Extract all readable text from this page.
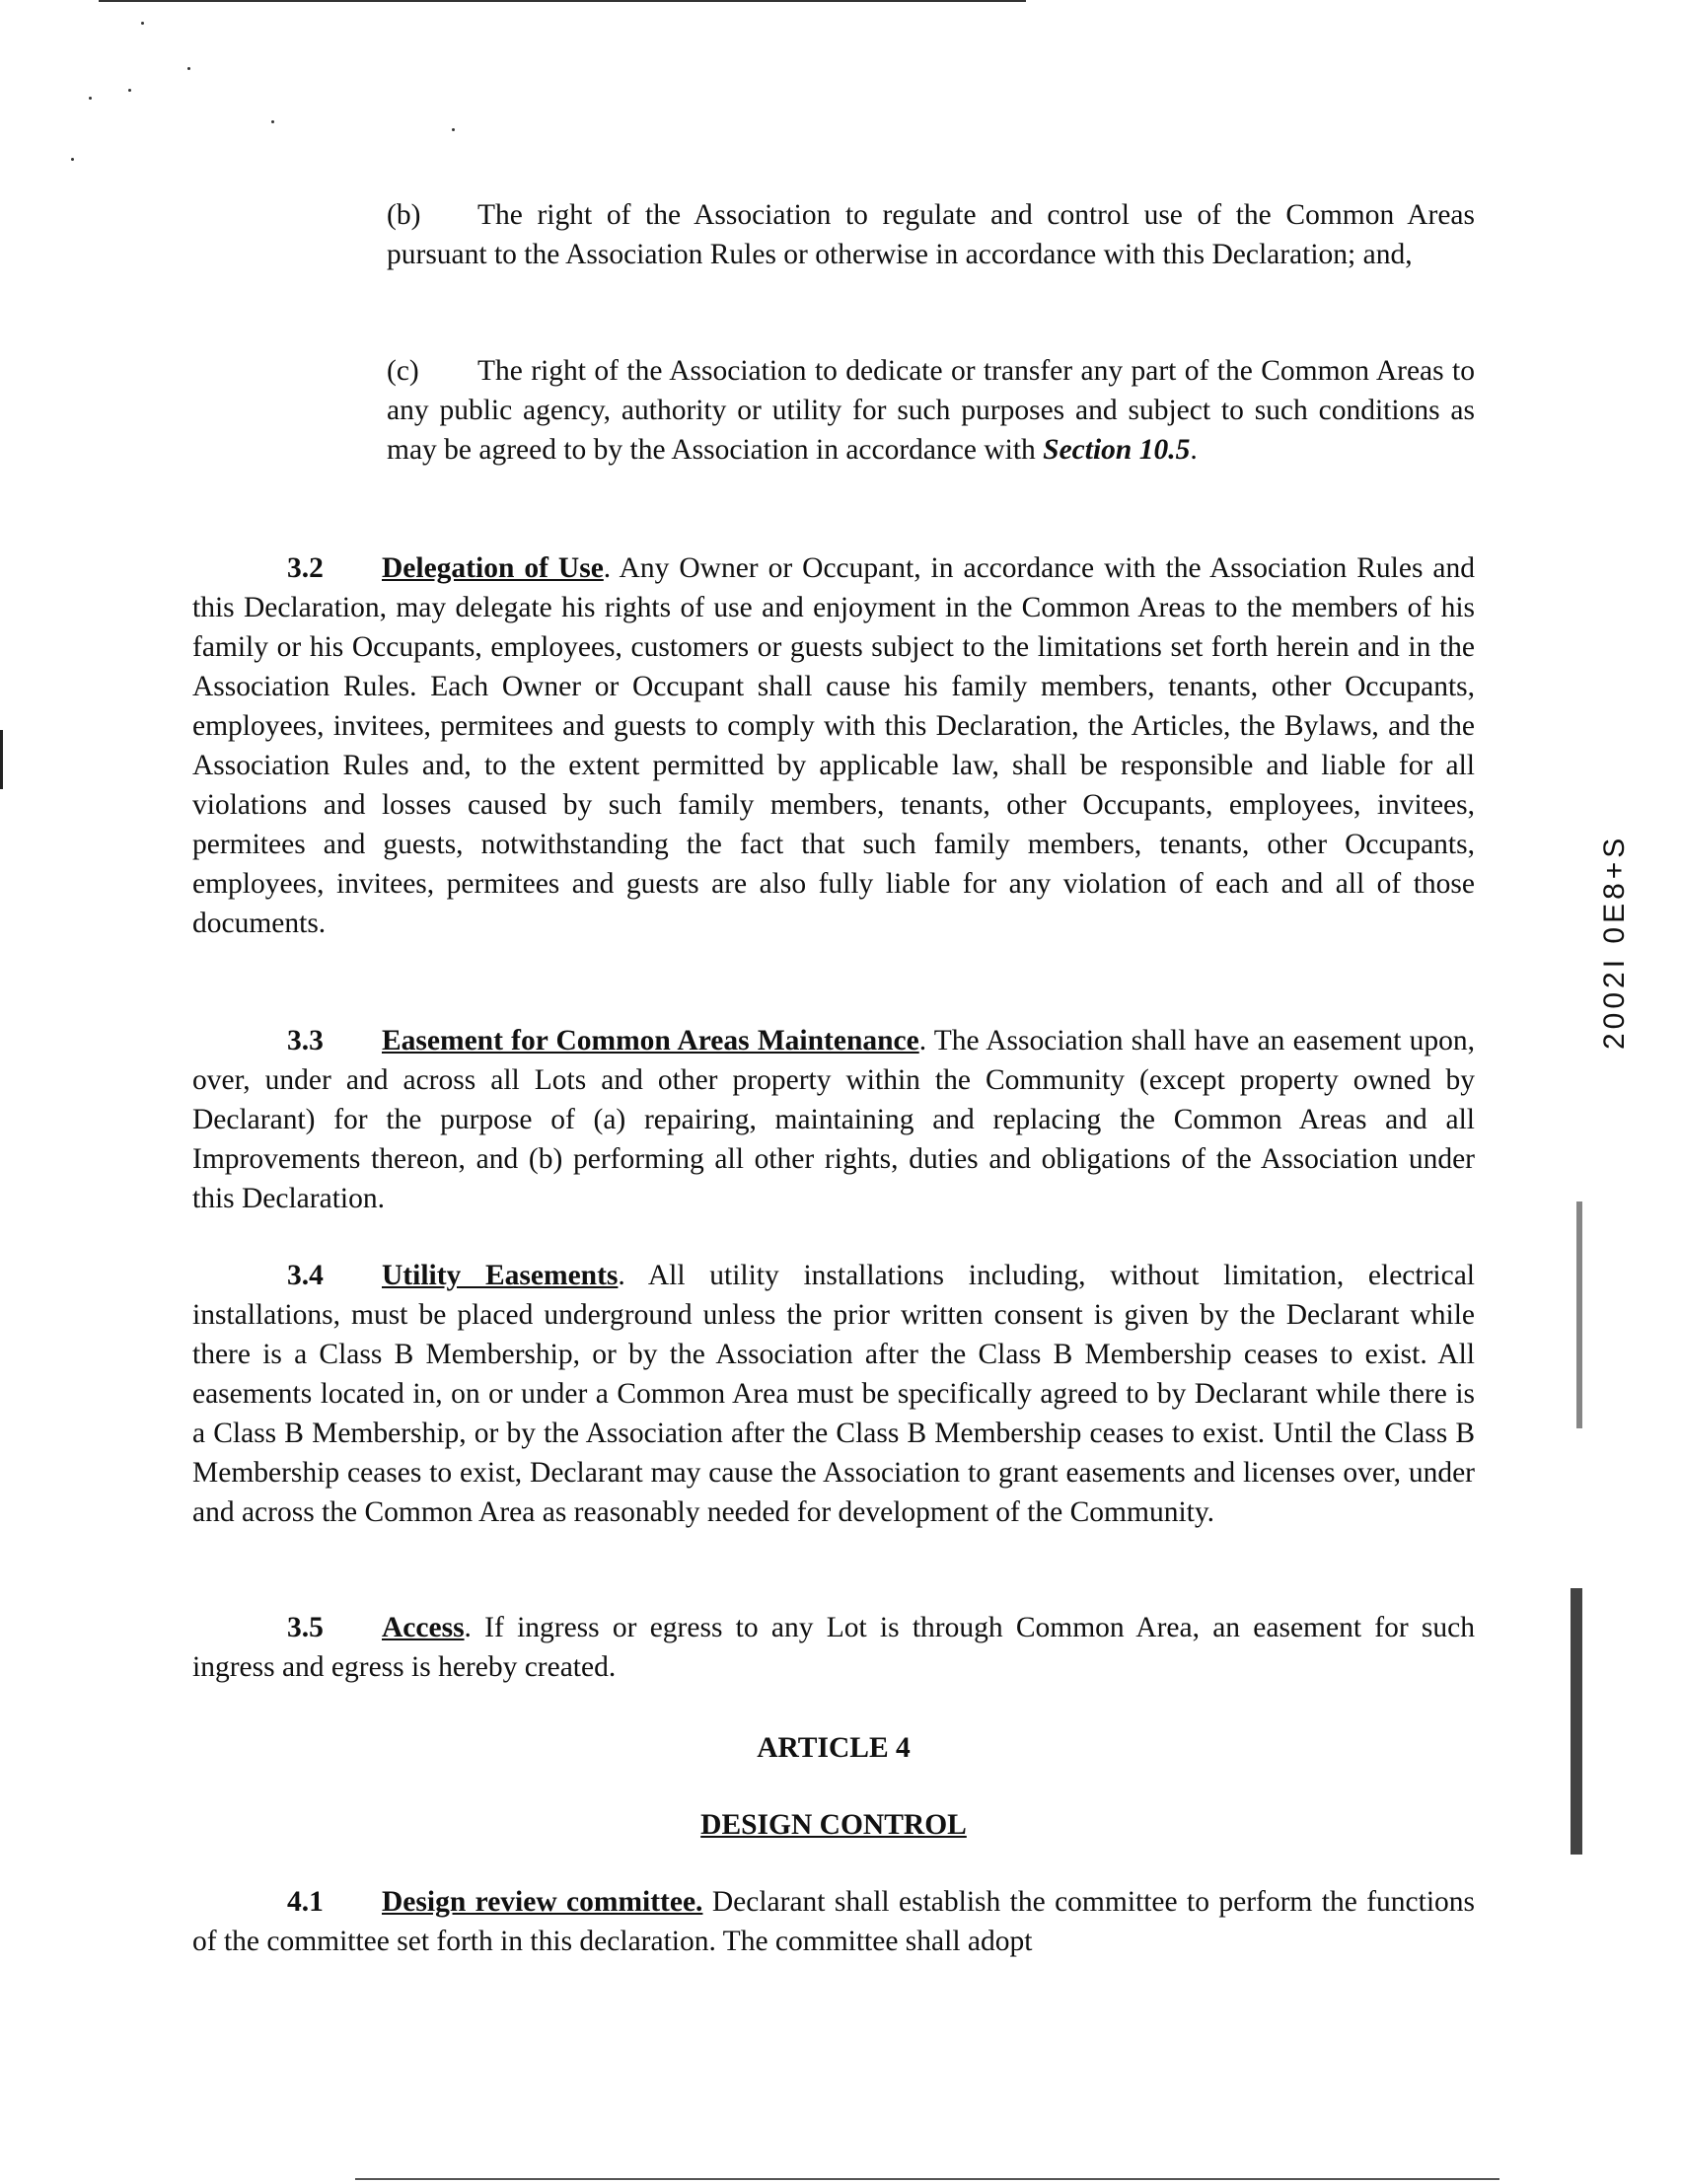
(b) The right of the Association to regulate and control use of the Common Areas pursuant to the Association Rules or otherwise in accordance with this Declaration; and,
(c) The right of the Association to dedicate or transfer any part of the Common Areas to any public agency, authority or utility for such purposes and subject to such conditions as may be agreed to by the Association in accordance with Section 10.5.
3.2 Delegation of Use. Any Owner or Occupant, in accordance with the Association Rules and this Declaration, may delegate his rights of use and enjoyment in the Common Areas to the members of his family or his Occupants, employees, customers or guests subject to the limitations set forth herein and in the Association Rules. Each Owner or Occupant shall cause his family members, tenants, other Occupants, employees, invitees, permitees and guests to comply with this Declaration, the Articles, the Bylaws, and the Association Rules and, to the extent permitted by applicable law, shall be responsible and liable for all violations and losses caused by such family members, tenants, other Occupants, employees, invitees, permitees and guests, notwithstanding the fact that such family members, tenants, other Occupants, employees, invitees, permitees and guests are also fully liable for any violation of each and all of those documents.
3.3 Easement for Common Areas Maintenance. The Association shall have an easement upon, over, under and across all Lots and other property within the Community (except property owned by Declarant) for the purpose of (a) repairing, maintaining and replacing the Common Areas and all Improvements thereon, and (b) performing all other rights, duties and obligations of the Association under this Declaration.
3.4 Utility Easements. All utility installations including, without limitation, electrical installations, must be placed underground unless the prior written consent is given by the Declarant while there is a Class B Membership, or by the Association after the Class B Membership ceases to exist. All easements located in, on or under a Common Area must be specifically agreed to by Declarant while there is a Class B Membership, or by the Association after the Class B Membership ceases to exist. Until the Class B Membership ceases to exist, Declarant may cause the Association to grant easements and licenses over, under and across the Common Area as reasonably needed for development of the Community.
3.5 Access. If ingress or egress to any Lot is through Common Area, an easement for such ingress and egress is hereby created.
ARTICLE 4
DESIGN CONTROL
4.1 Design review committee. Declarant shall establish the committee to perform the functions of the committee set forth in this declaration. The committee shall adopt
2002I 0E8+S
